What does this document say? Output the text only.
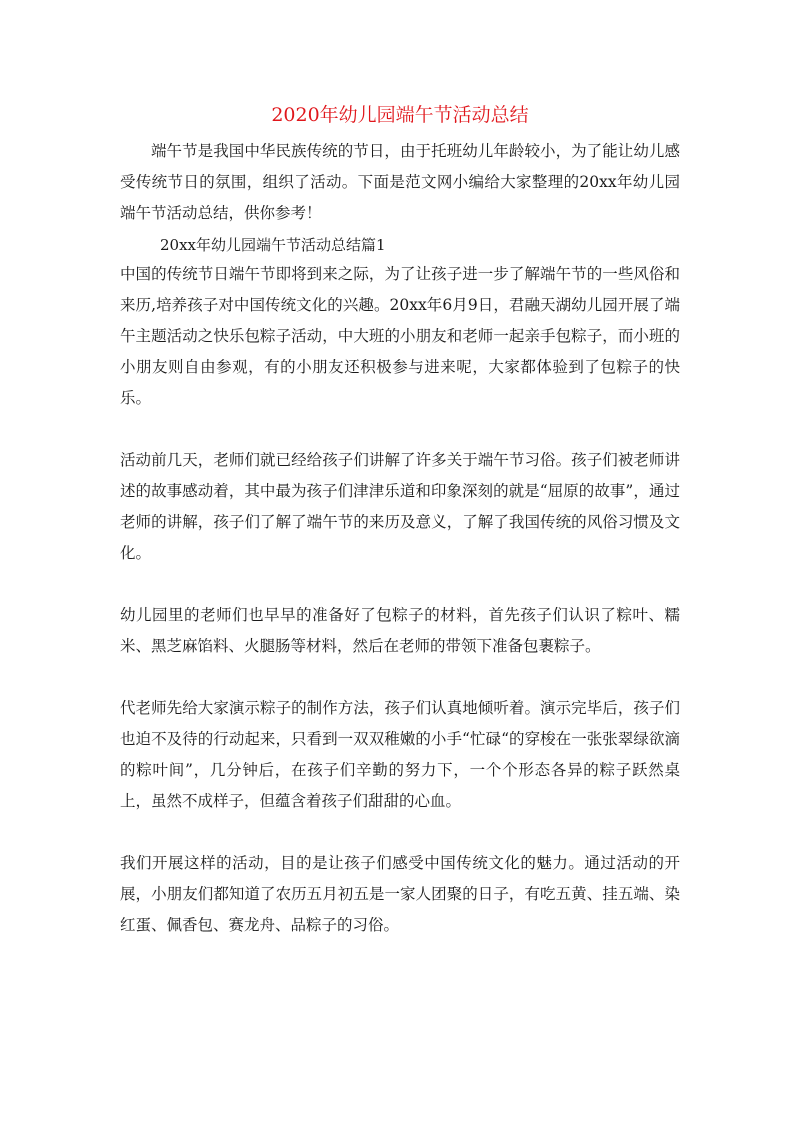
2020年幼儿园端午节活动总结

端午节是我国中华民族传统的节日，由于托班幼儿年龄较小，为了能让幼儿感受传统节日的氛围，组织了活动。下面是范文网小编给大家整理的20xx年幼儿园端午节活动总结，供你参考！

20xx年幼儿园端午节活动总结篇1

中国的传统节日端午节即将到来之际，为了让孩子进一步了解端午节的一些风俗和来历,培养孩子对中国传统文化的兴趣。20xx年6月9日，君融天湖幼儿园开展了端午主题活动之快乐包粽子活动，中大班的小朋友和老师一起亲手包粽子，而小班的小朋友则自由参观，有的小朋友还积极参与进来呢，大家都体验到了包粽子的快乐。

活动前几天，老师们就已经给孩子们讲解了许多关于端午节习俗。孩子们被老师讲述的故事感动着，其中最为孩子们津津乐道和印象深刻的就是“屈原的故事”，通过老师的讲解，孩子们了解了端午节的来历及意义，了解了我国传统的风俗习惯及文化。

幼儿园里的老师们也早早的准备好了包粽子的材料，首先孩子们认识了粽叶、糯米、黑芝麻馅料、火腿肠等材料，然后在老师的带领下准备包裹粽子。

代老师先给大家演示粽子的制作方法，孩子们认真地倾听着。演示完毕后，孩子们也迫不及待的行动起来，只看到一双双稚嫩的小手“忙碌“的穿梭在一张张翠绿欲滴的粽叶间”，几分钟后，在孩子们辛勤的努力下，一个个形态各异的粽子跃然桌上，虽然不成样子，但蕴含着孩子们甜甜的心血。

我们开展这样的活动，目的是让孩子们感受中国传统文化的魅力。通过活动的开展，小朋友们都知道了农历五月初五是一家人团聚的日子，有吃五黄、挂五端、染红蛋、佩香包、赛龙舟、品粽子的习俗。
